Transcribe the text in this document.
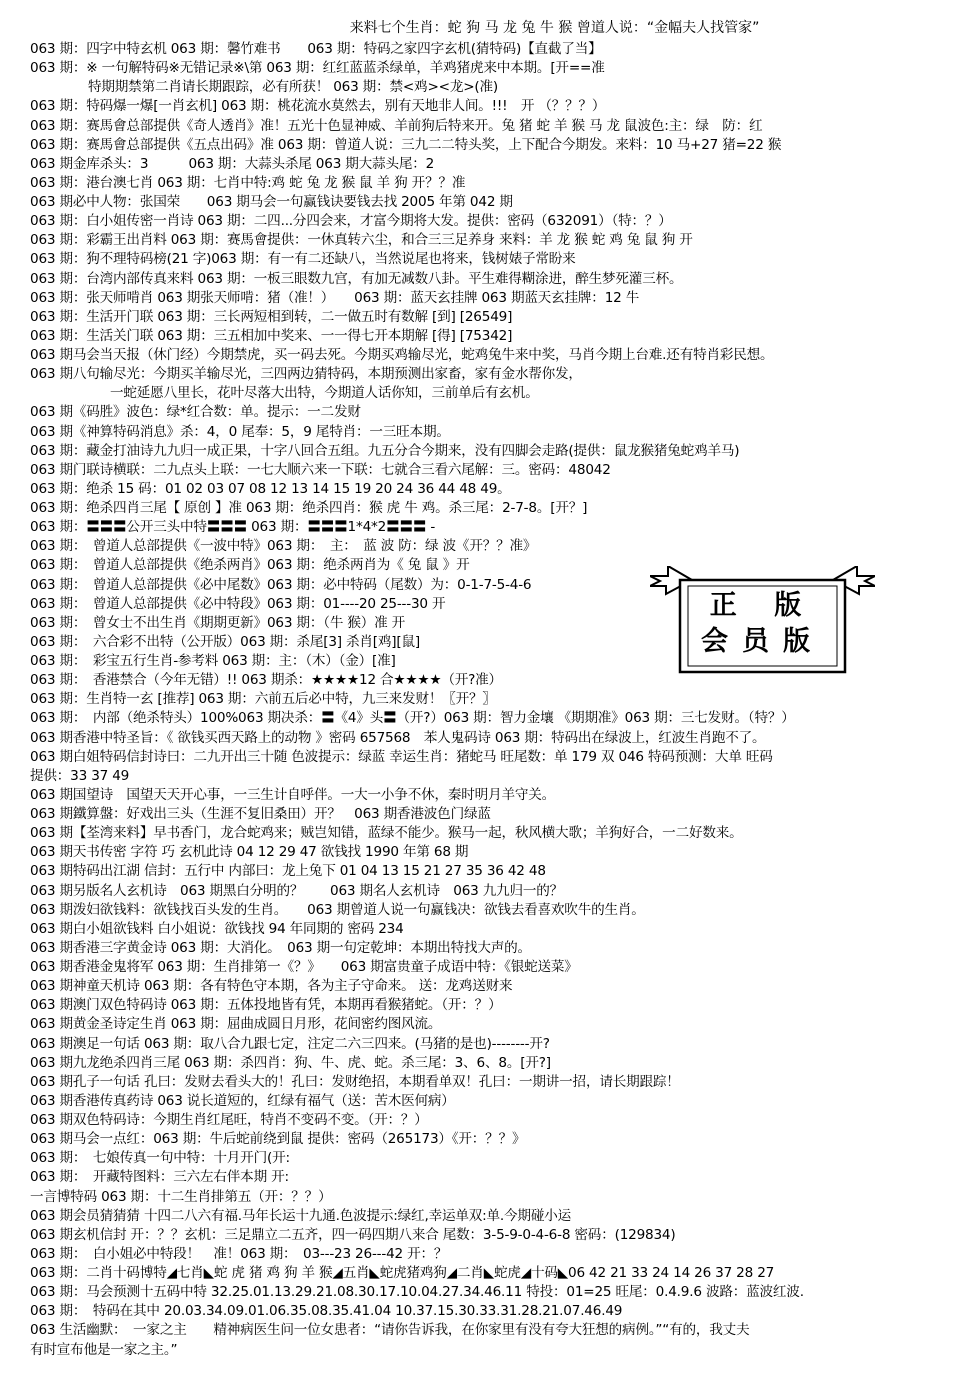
来料七个生肖：蛇 狗 马 龙 兔 牛 猴 曾道人说：“金幅夫人找管家”
063 期：四字中特玄机 063 期：馨竹难书　　063 期：特码之家四字玄机(猜特码)【直截了当】
063 期：※ 一句解特码※无错记录※\第 063 期：红红蓝蓝杀绿单，羊鸡猪虎来中本期。[开==准
特期期禁第二肖请长期跟踪，必有所获！ 063 期：禁<鸡><龙>(准)
063 期：特码爆一爆[一肖玄机] 063 期：桃花流水莫然去，别有天地非人间。!!!　开 （？？？）
063 期：赛馬會总部提供《奇人透肖》准！五光十色显神威、羊前狗后特来开。兔 猪 蛇 羊 猴 马 龙 鼠波色:主：绿　防：红
063 期：赛馬會总部提供《五点出码》准 063 期：曾道人说：三九二二特头奖，上下配合今期发。来料：10 马+27 猪=22 猴
063 期金库杀头：3　　　063 期：大蒜头杀尾 063 期大蒜头尾：2
063 期：港台澳七肖 063 期：七肖中特:鸡 蛇 兔 龙 猴 鼠 羊 狗 开？？准
063 期必中人物：张国荣　　063 期马会一句赢钱诀要钱去找 2005 年第 042 期
063 期：白小姐传密一肖诗 063 期：二四...分四会来，才富今期将大发。提供：密码（632091）（特：？）
063 期：彩霸王出肖料 063 期：赛馬會提供：一休真转六尘，和合三三足养身 来料：羊 龙 猴 蛇 鸡 兔 鼠 狗 开
063 期：狗不理特码榜(21 字)063 期：有一有二还缺八，当然说尾也将来，钱树婊子常盼来
063 期：台湾内部传真来料 063 期：一板三眼数九宫，有加无减数八卦。平生难得糊涂进，醉生梦死灌三杯。
063 期：张天师啃肖 063 期张天师啃：猪（准！）　　063 期：蓝天玄挂牌 063 期蓝天玄挂牌：12 牛
063 期：生活开门联 063 期：三长两短相到转，二一做五时有数解 [到] [26549]
063 期：生活关门联 063 期：三五相加中奖来、一一得七开本期解 [得] [75342]
063 期马会当天报（休门经）今期禁虎，买一码去死。今期买鸡输尽光，蛇鸡兔牛来中奖，马肖今期上台难.还有特肖彩民想。
063 期八句输尽光：今期买羊输尽光，三四两边猜特码，本期预测出家畜，家有金水帮你发，
一蛇延愿八里长，花叶尽落大出特，今期道人话你知，三前单后有玄机。
063 期《码胜》波色：绿*红合数：单。提示：一二发财
063 期《神算特码消息》杀：4，0 尾奉：5，9 尾特肖：一三旺本期。
063 期：藏金打油诗九九归一成正果，十字八回合五组。九五分合今期来，没有四脚会走路(提供：鼠龙猴猪兔蛇鸡羊马)
063 期门联诗横联：二九点头上联：一七大顺六来一下联：七就合三看六尾解：三。密码：48042
063 期：绝杀 15 码：01 02 03 07 08 12 13 14 15 19 20 24 36 44 48 49。
063 期：绝杀四肖三尾【 原创 】准 063 期：绝杀四肖：猴 虎 牛 鸡。杀三尾：2-7-8。[开？]
063 期：〓〓〓公开三头中特〓〓〓 063 期：〓〓〓1*4*2〓〓〓 -
063 期：　曾道人总部提供《一波中特》063 期：　主：　蓝 波 防：绿 波《开？？准》
063 期：　曾道人总部提供《绝杀两肖》063 期：绝杀两肖为《 兔 鼠 》开
063 期：　曾道人总部提供《必中尾数》063 期：必中特码（尾数）为：0-1-7-5-4-6
063 期：　曾道人总部提供《必中特段》063 期：01----20 25---30 开
063 期：　曾女士不出生肖《期期更新》063 期：（牛 猴）准 开
063 期：　六合彩不出特（公开版）063 期：杀尾[3] 杀肖[鸡][鼠]
063 期：　彩宝五行生肖-参考料 063 期：主：（木）（金）[准]
063 期：　香港禁合（今年无错）!! 063 期杀：★★★★12 合★★★★（开?准）
063 期：生肖特一玄 [推荐] 063 期：六前五后必中特，九三来发财！〖开？〗
063 期：　内部（绝杀特头）100%063 期决杀：〓《4》头〓（开?）063 期：智力金壤 《期期准》063 期：三七发财。（特？）
063 期香港中特圣旨：《 欲钱买西天路上的动物 》密码 657568　苯人鬼码诗 063 期：特码出在绿波上，红波生肖跑不了。
063 期白姐特码信封诗曰：二九开出三十随 色波提示：绿蓝 幸运生肖：猪蛇马 旺尾数：单 179 双 046 特码预测：大单 旺码
提供：33 37 49
063 期国望诗　国望天天开心事，一三生计自呼伴。一大一小争不休，秦时明月羊守关。
063 期鐵算盤：好戏出三头（生涯不复旧桑田）开？　063 期香港波色门绿蓝
063 期【荃湾来料】早书香门，龙合蛇鸡来；贼岂知错，蓝绿不能少。猴马一起，秋风横大歌；羊狗好合，一二好数来。
063 期天书传密 字符 巧 玄机此诗 04 12 29 47 欲钱找 1990 年第 68 期
063 期特码出江湖 信封：五行中 内部曰：龙上兔下 01 04 13 15 21 27 35 36 42 48
063 期另版名人玄机诗　063 期黑白分明的？　　063 期名人玄机诗　063 九九归一的？
063 期泼妇欲钱料：欲钱找百头发的生肖。　　063 期曾道人说一句赢钱决：欲钱去看喜欢吹牛的生肖。
063 期白小姐欲钱料 白小姐说：欲钱找 94 年同期的 密码 234
063 期香港三字黄金诗 063 期：大消化。　063 期一句定乾坤：本期出特找大声的。
063 期香港金鬼将军 063 期：生肖排第一《？》　　063 期富贵童子成语中特：《银蛇送菜》
063 期神童天机诗 063 期：各有特色守本期，各为主子守命来。 送：龙鸡送财来
063 期澳门双色特码诗 063 期：五体投地皆有凭，本期再看猴猪蛇。（开：？）
063 期黄金圣诗定生肖 063 期：屈曲成圆日月形，花间密约图风流。
063 期澳足一句话 063 期：取八合九跟七定，注定二六三四来。(马猪的是也)--------开?
063 期九龙绝杀四肖三尾 063 期：杀四肖：狗、牛、虎、蛇。杀三尾：3、6、8。[开?]
063 期孔子一句话 孔曰：发财去看头大的！孔曰：发财绝招，本期看单双！孔曰：一期讲一招，请长期跟踪！
063 期香港传真药诗 063 说长道短的，红绿有福气（送：苦木医何病）
063 期双色特码诗：今期生肖红尾旺，特肖不变码不变。（开：？）
063 期马会一点红：063 期：牛后蛇前绕到鼠 提供：密码（265173）《开：？？》
063 期：　七娘传真一句中特：十月开门(开:
063 期：　开藏特图料：三六左右伴本期 开:
一言博特码 063 期：十二生肖排第五（开：？？）
063 期会员猜猜猜 十四二八六有福.马年长运十九通.色波提示:绿红,幸运单双:单.今期碰小运
063 期玄机信封 开：？？玄机：三足鼎立二五齐，四一码四期八来合 尾数：3-5-9-0-4-6-8 密码：(129834)
063 期：　白小姐必中特段！　准！063 期：　03---23 26---42 开：？
063 期：二肖十码博特◢七肖◣蛇 虎 猪 鸡 狗 羊 猴◢五肖◣蛇虎猪鸡狗◢二肖◣蛇虎◢十码◣06 42 21 33 24 14 26 37 28 27
063 期：马会预测十五码中特 32.25.01.13.29.21.08.30.17.10.04.27.34.46.11 特投：01=25 旺尾：0.4.9.6 波路：蓝波红波.
063 期：　特码在其中 20.03.34.09.01.06.35.08.35.41.04 10.37.15.30.33.31.28.21.07.46.49
063 生活幽默：　一家之主　　精神病医生问一位女患者：“请你告诉我，在你家里有没有夸大狂想的病例。”“有的，我丈夫
有时宣布他是一家之主。”
正 版
会员版
